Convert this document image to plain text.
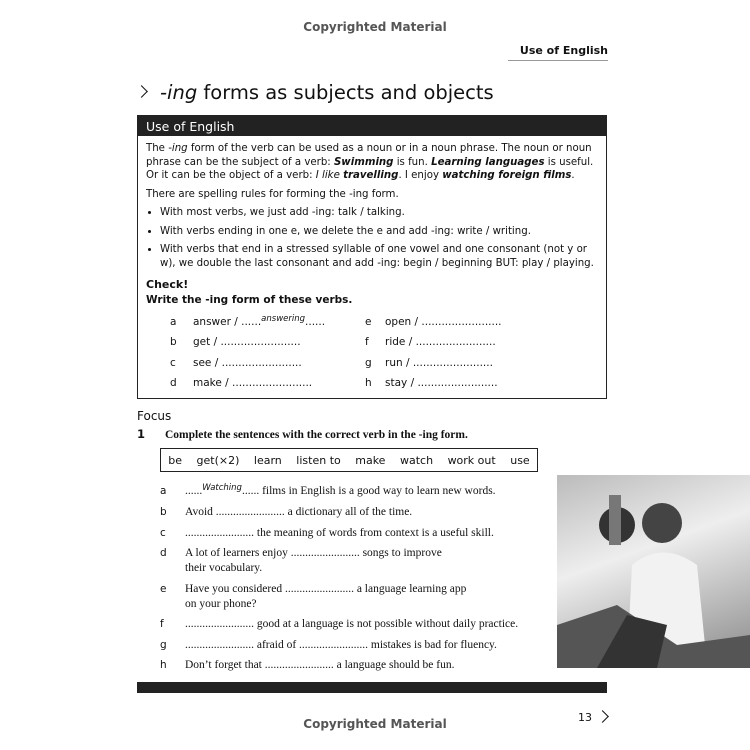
Copyrighted Material
Use of English
-ing forms as subjects and objects
Use of English

The -ing form of the verb can be used as a noun or in a noun phrase. The noun or noun phrase can be the subject of a verb: Swimming is fun. Learning languages is useful. Or it can be the object of a verb: I like travelling. I enjoy watching foreign films.

There are spelling rules for forming the -ing form.

• With most verbs, we just add -ing: talk / talking.
• With verbs ending in one e, we delete the e and add -ing: write / writing.
• With verbs that end in a stressed syllable of one vowel and one consonant (not y or w), we double the last consonant and add -ing: begin / beginning BUT: play / playing.
Check!
Write the -ing form of these verbs.
a answer / ......$^{answering}$......
b get / ........................
c see / ........................
d make / ........................
e open / ........................
f ride / ........................
g run / ........................
h stay / ........................
Focus
1 Complete the sentences with the correct verb in the -ing form.
be get(×2) learn listen to make watch work out use
a ......$^{Watching}$...... films in English is a good way to learn new words.
b Avoid ........................ a dictionary all of the time.
c ........................ the meaning of words from context is a useful skill.
d A lot of learners enjoy ........................ songs to improve
their vocabulary.
e Have you considered ........................ a language learning app
on your phone?
f ........................ good at a language is not possible without daily practice.
g ........................ afraid of ........................ mistakes is bad for fluency.
h Don’t forget that ........................ a language should be fun.
Copyrighted Material	13
